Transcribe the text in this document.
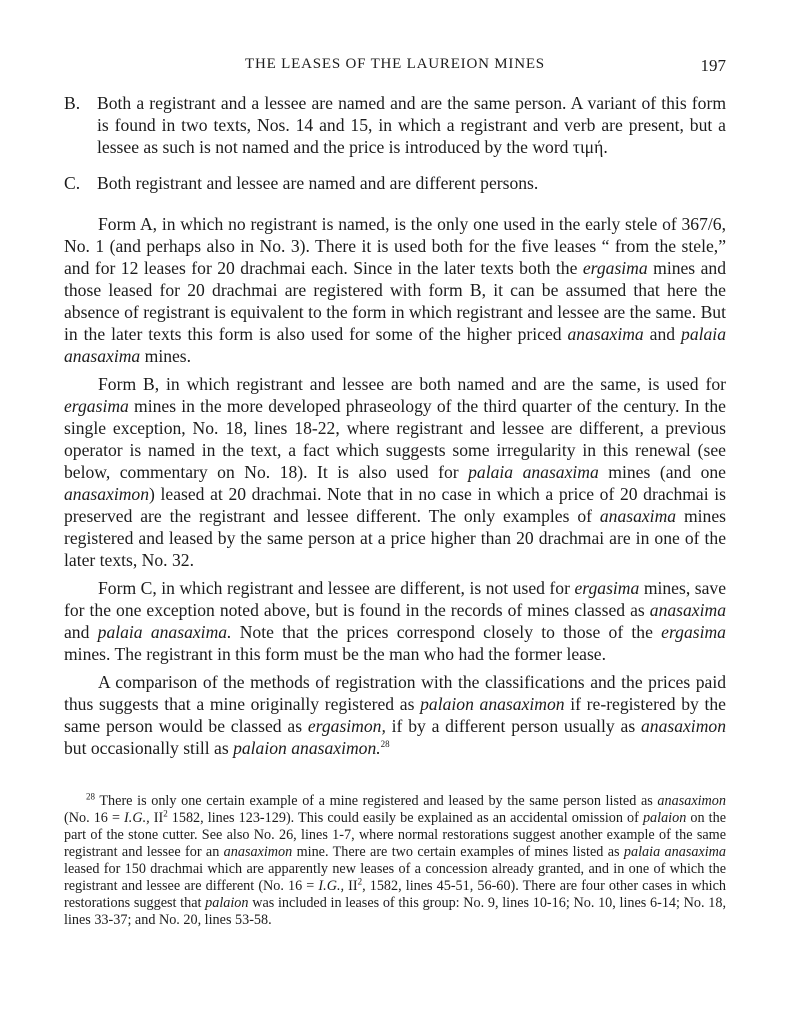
THE LEASES OF THE LAUREION MINES	197
B. Both a registrant and a lessee are named and are the same person. A variant of this form is found in two texts, Nos. 14 and 15, in which a registrant and verb are present, but a lessee as such is not named and the price is introduced by the word τιμή.
C. Both registrant and lessee are named and are different persons.

Form A, in which no registrant is named, is the only one used in the early stele of 367/6, No. 1 (and perhaps also in No. 3). There it is used both for the five leases “ from the stele,” and for 12 leases for 20 drachmai each. Since in the later texts both the ergasima mines and those leased for 20 drachmai are registered with form B, it can be assumed that here the absence of registrant is equivalent to the form in which registrant and lessee are the same. But in the later texts this form is also used for some of the higher priced anasaxima and palaia anasaxima mines.

Form B, in which registrant and lessee are both named and are the same, is used for ergasima mines in the more developed phraseology of the third quarter of the century. In the single exception, No. 18, lines 18-22, where registrant and lessee are different, a previous operator is named in the text, a fact which suggests some irregularity in this renewal (see below, commentary on No. 18). It is also used for palaia anasaxima mines (and one anasaximon) leased at 20 drachmai. Note that in no case in which a price of 20 drachmai is preserved are the registrant and lessee different. The only examples of anasaxima mines registered and leased by the same person at a price higher than 20 drachmai are in one of the later texts, No. 32.

Form C, in which registrant and lessee are different, is not used for ergasima mines, save for the one exception noted above, but is found in the records of mines classed as anasaxima and palaia anasaxima. Note that the prices correspond closely to those of the ergasima mines. The registrant in this form must be the man who had the former lease.

A comparison of the methods of registration with the classifications and the prices paid thus suggests that a mine originally registered as palaion anasaximon if re-registered by the same person would be classed as ergasimon, if by a different person usually as anasaximon but occasionally still as palaion anasaximon.$^{28}$

$^{28}$ There is only one certain example of a mine registered and leased by the same person listed as anasaximon (No. 16 = I.G., $II^2$ 1582, lines 123-129). This could easily be explained as an accidental omission of palaion on the part of the stone cutter. See also No. 26, lines 1-7, where normal restorations suggest another example of the same registrant and lessee for an anasaximon mine. There are two certain examples of mines listed as palaia anasaxima leased for 150 drachmai which are apparently new leases of a concession already granted, and in one of which the registrant and lessee are different (No. 16 = I.G., $II^2$, 1582, lines 45-51, 56-60). There are four other cases in which restorations suggest that palaion was included in leases of this group: No. 9, lines 10-16; No. 10, lines 6-14; No. 18, lines 33-37; and No. 20, lines 53-58.
